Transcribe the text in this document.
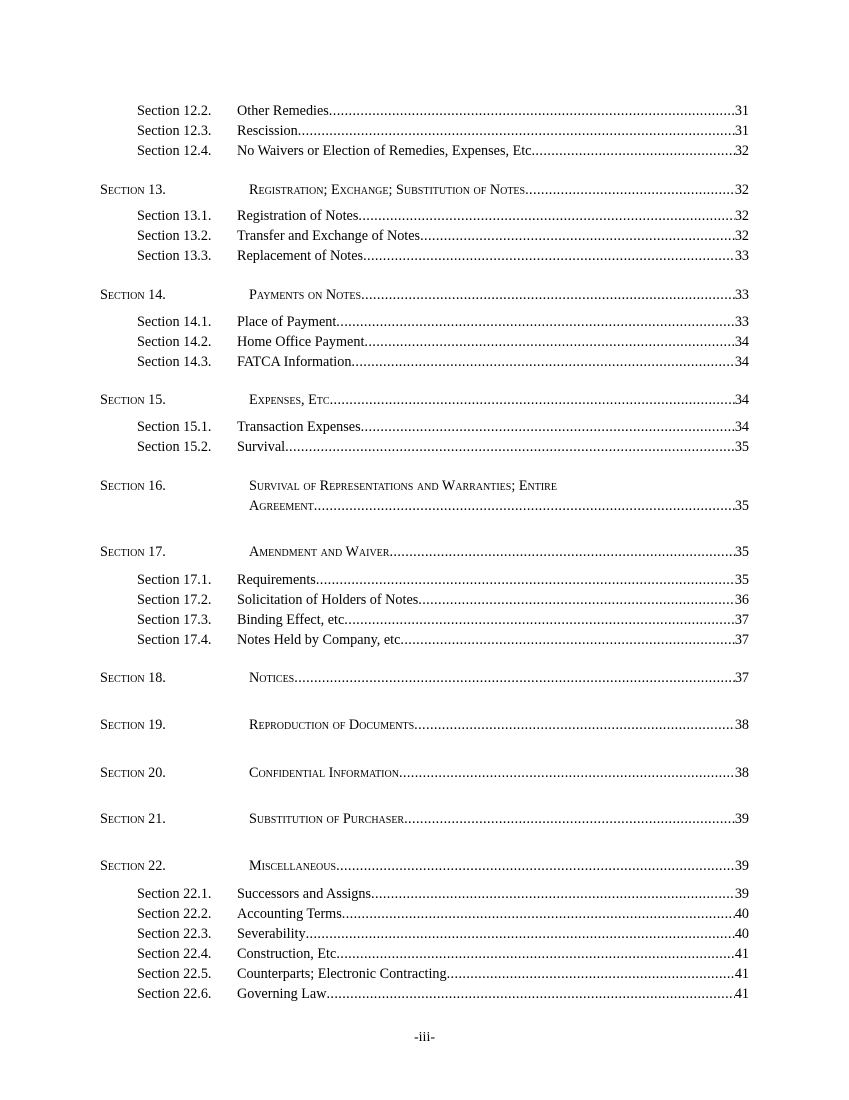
Section 12.2. Other Remedies .....	31
Section 12.3. Rescission .....	31
Section 12.4. No Waivers or Election of Remedies, Expenses, Etc .....	32
Section 13.	Registration; Exchange; Substitution of Notes .....	32
Section 13.1. Registration of Notes .....	32
Section 13.2. Transfer and Exchange of Notes .....	32
Section 13.3. Replacement of Notes .....	33
Section 14.	Payments on Notes .....	33
Section 14.1. Place of Payment .....	33
Section 14.2. Home Office Payment .....	34
Section 14.3. FATCA Information .....	34
Section 15.	Expenses, Etc .....	34
Section 15.1. Transaction Expenses .....	34
Section 15.2. Survival .....	35
Section 16.	Survival of Representations and Warranties; Entire
Agreement .....	35
Section 17.	Amendment and Waiver .....	35
Section 17.1. Requirements .....	35
Section 17.2. Solicitation of Holders of Notes .....	36
Section 17.3. Binding Effect, etc .....	37
Section 17.4. Notes Held by Company, etc .....	37
Section 18.	Notices .....	37
Section 19.	Reproduction of Documents .....	38
Section 20.	Confidential Information .....	38
Section 21.	Substitution of Purchaser .....	39
Section 22.	Miscellaneous .....	39
Section 22.1. Successors and Assigns .....	39
Section 22.2. Accounting Terms .....	40
Section 22.3. Severability .....	40
Section 22.4. Construction, Etc .....	41
Section 22.5. Counterparts; Electronic Contracting .....	41
Section 22.6. Governing Law .....	41
-iii-
